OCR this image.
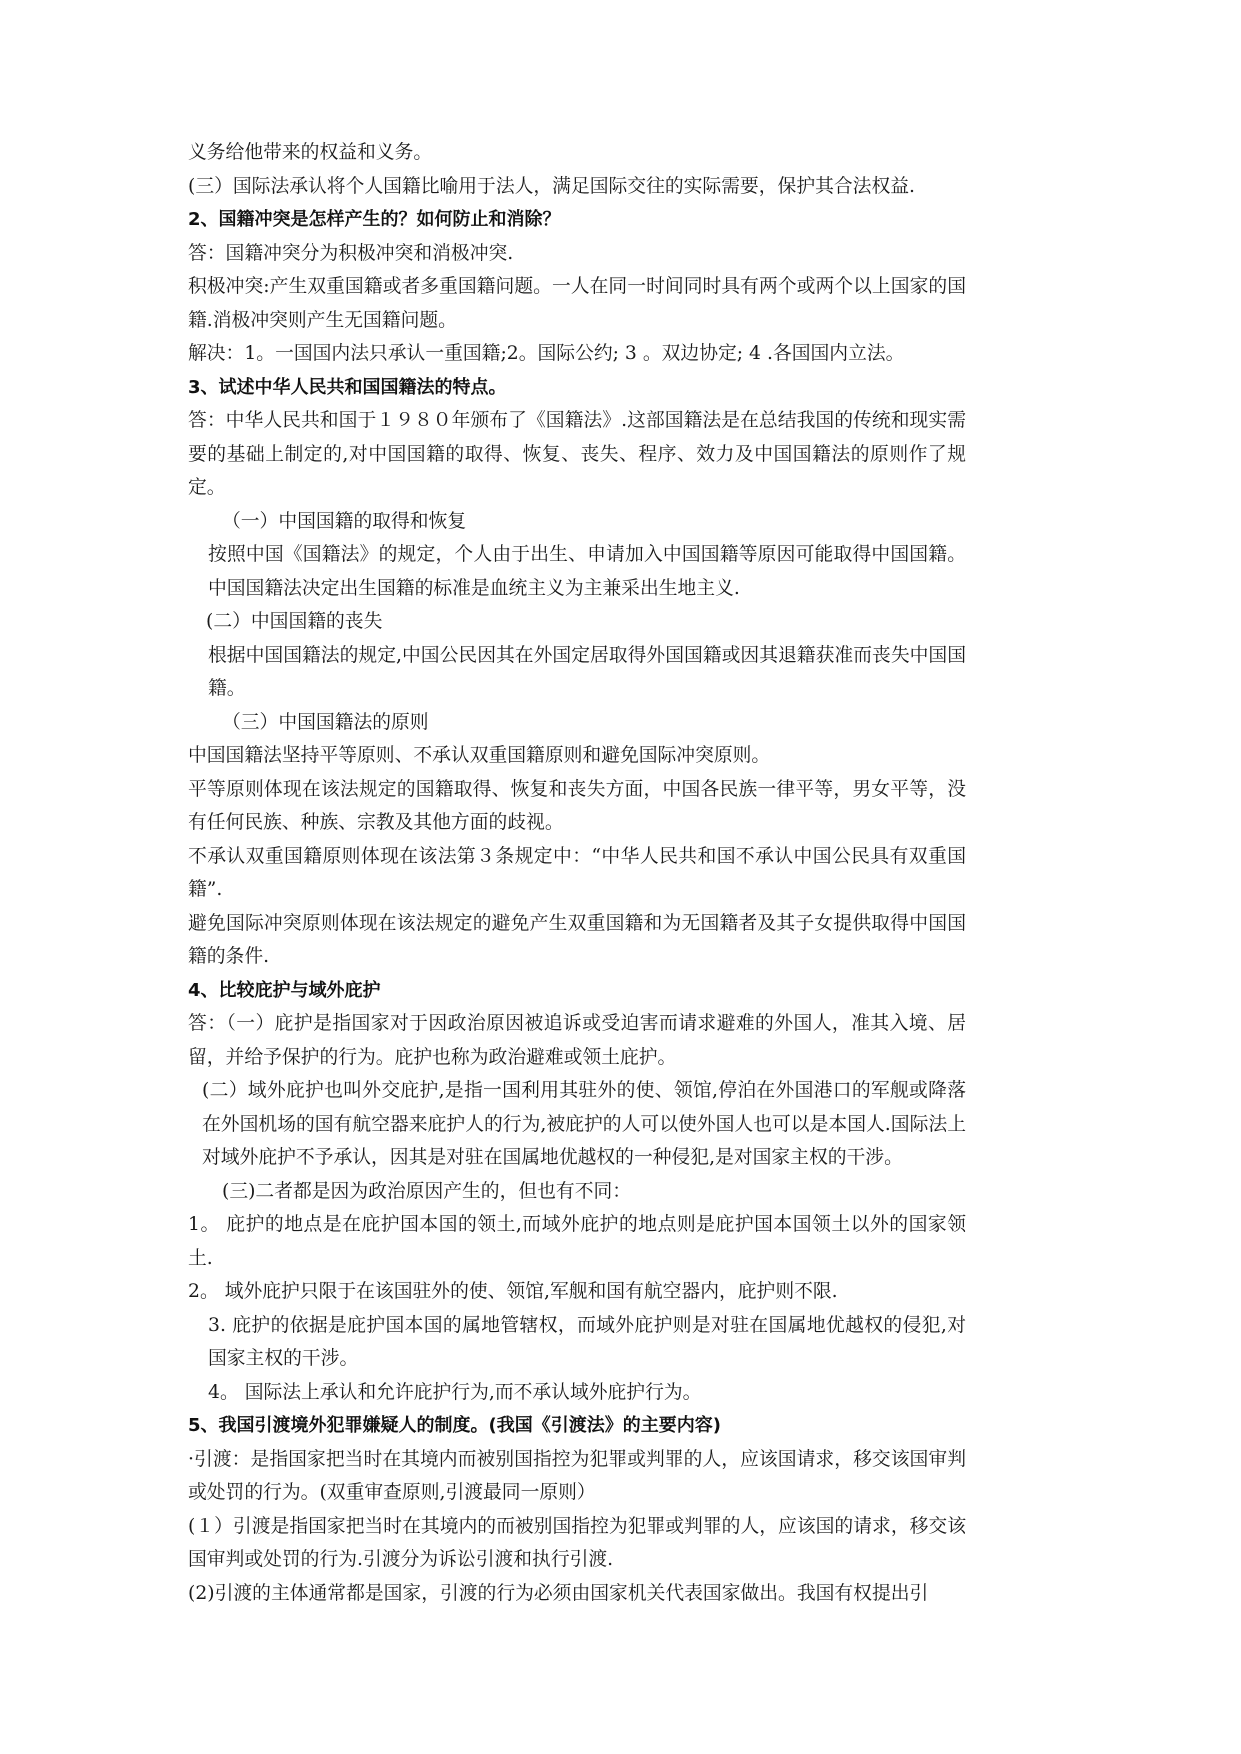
义务给他带来的权益和义务。

(三）国际法承认将个人国籍比喻用于法人，满足国际交往的实际需要，保护其合法权益.

2、国籍冲突是怎样产生的？如何防止和消除？

答：国籍冲突分为积极冲突和消极冲突.

积极冲突:产生双重国籍或者多重国籍问题。一人在同一时间同时具有两个或两个以上国家的国籍.消极冲突则产生无国籍问题。

解决：1。一国国内法只承认一重国籍;2。国际公约; 3 。双边协定; 4 .各国国内立法。

3、试述中华人民共和国国籍法的特点。

答：中华人民共和国于１９８０年颁布了《国籍法》.这部国籍法是在总结我国的传统和现实需要的基础上制定的,对中国国籍的取得、恢复、丧失、程序、效力及中国国籍法的原则作了规定。

（一）中国国籍的取得和恢复

按照中国《国籍法》的规定，个人由于出生、申请加入中国国籍等原因可能取得中国国籍。中国国籍法决定出生国籍的标准是血统主义为主兼采出生地主义.

(二）中国国籍的丧失

根据中国国籍法的规定,中国公民因其在外国定居取得外国国籍或因其退籍获准而丧失中国国籍。

（三）中国国籍法的原则

中国国籍法坚持平等原则、不承认双重国籍原则和避免国际冲突原则。

平等原则体现在该法规定的国籍取得、恢复和丧失方面，中国各民族一律平等，男女平等，没有任何民族、种族、宗教及其他方面的歧视。

不承认双重国籍原则体现在该法第３条规定中：“中华人民共和国不承认中国公民具有双重国籍”.

避免国际冲突原则体现在该法规定的避免产生双重国籍和为无国籍者及其子女提供取得中国国籍的条件.

4、比较庇护与域外庇护

答：（一）庇护是指国家对于因政治原因被追诉或受迫害而请求避难的外国人，准其入境、居留，并给予保护的行为。庇护也称为政治避难或领土庇护。

(二）域外庇护也叫外交庇护,是指一国利用其驻外的使、领馆,停泊在外国港口的军舰或降落在外国机场的国有航空器来庇护人的行为,被庇护的人可以使外国人也可以是本国人.国际法上对域外庇护不予承认，因其是对驻在国属地优越权的一种侵犯,是对国家主权的干涉。

(三)二者都是因为政治原因产生的，但也有不同：

1。 庇护的地点是在庇护国本国的领土,而域外庇护的地点则是庇护国本国领土以外的国家领土.

2。 域外庇护只限于在该国驻外的使、领馆,军舰和国有航空器内，庇护则不限.

3. 庇护的依据是庇护国本国的属地管辖权，而域外庇护则是对驻在国属地优越权的侵犯,对国家主权的干涉。

4。 国际法上承认和允许庇护行为,而不承认域外庇护行为。

5、我国引渡境外犯罪嫌疑人的制度。(我国《引渡法》的主要内容)

·引渡：是指国家把当时在其境内而被别国指控为犯罪或判罪的人，应该国请求，移交该国审判或处罚的行为。(双重审查原则,引渡最同一原则）

(１）引渡是指国家把当时在其境内的而被别国指控为犯罪或判罪的人，应该国的请求，移交该国审判或处罚的行为.引渡分为诉讼引渡和执行引渡.

(2)引渡的主体通常都是国家，引渡的行为必须由国家机关代表国家做出。我国有权提出引
